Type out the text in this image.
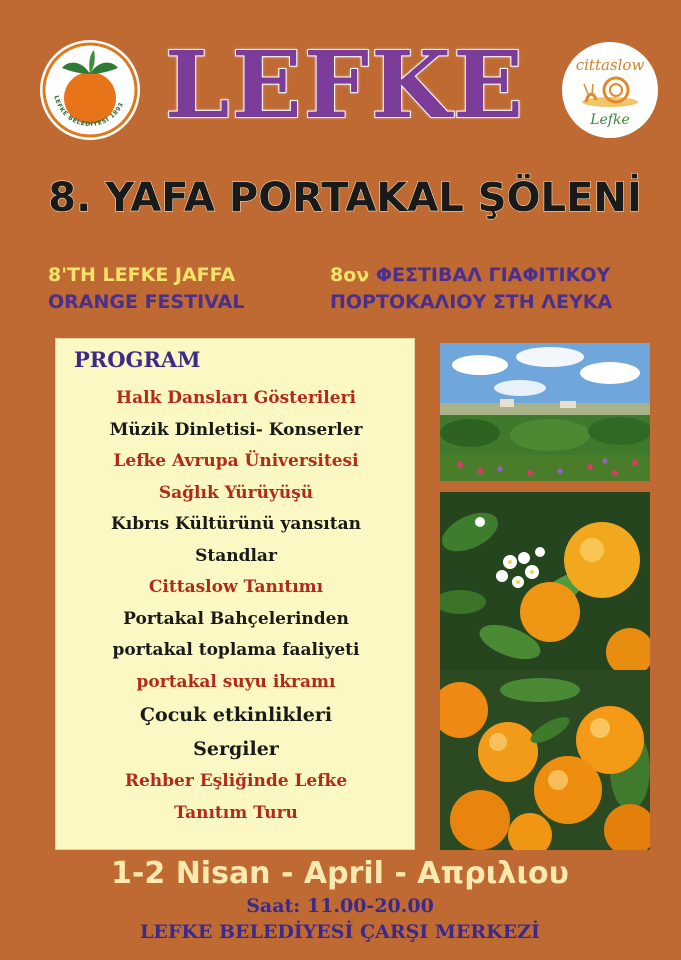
LEFKE BELEDİYESİ 1893 LEFKE	cittaslow
Lefke
8. YAFA PORTAKAL ŞÖLENİ
8'TH LEFKE JAFFA
ORANGE FESTIVAL
8ον ΦΕΣΤΙΒΑΛ ΓΙΑΦΙΤΙΚΟΥ
ΠΟΡΤΟΚΑΛΙΟΥ ΣΤΗ ΛΕΥΚΑ
PROGRAM
Halk Dansları Gösterileri
Müzik Dinletisi- Konserler
Lefke Avrupa Üniversitesi
Sağlık Yürüyüşü
Kıbrıs Kültürünü yansıtan
Standlar
Cittaslow Tanıtımı
Portakal Bahçelerinden
portakal toplama faaliyeti
portakal suyu ikramı
Çocuk etkinlikleri
Sergiler
Rehber Eşliğinde Lefke
Tanıtım Turu
1-2 Nisan - April - Απριλιου
Saat: 11.00-20.00
LEFKE BELEDİYESİ ÇARŞI MERKEZİ
